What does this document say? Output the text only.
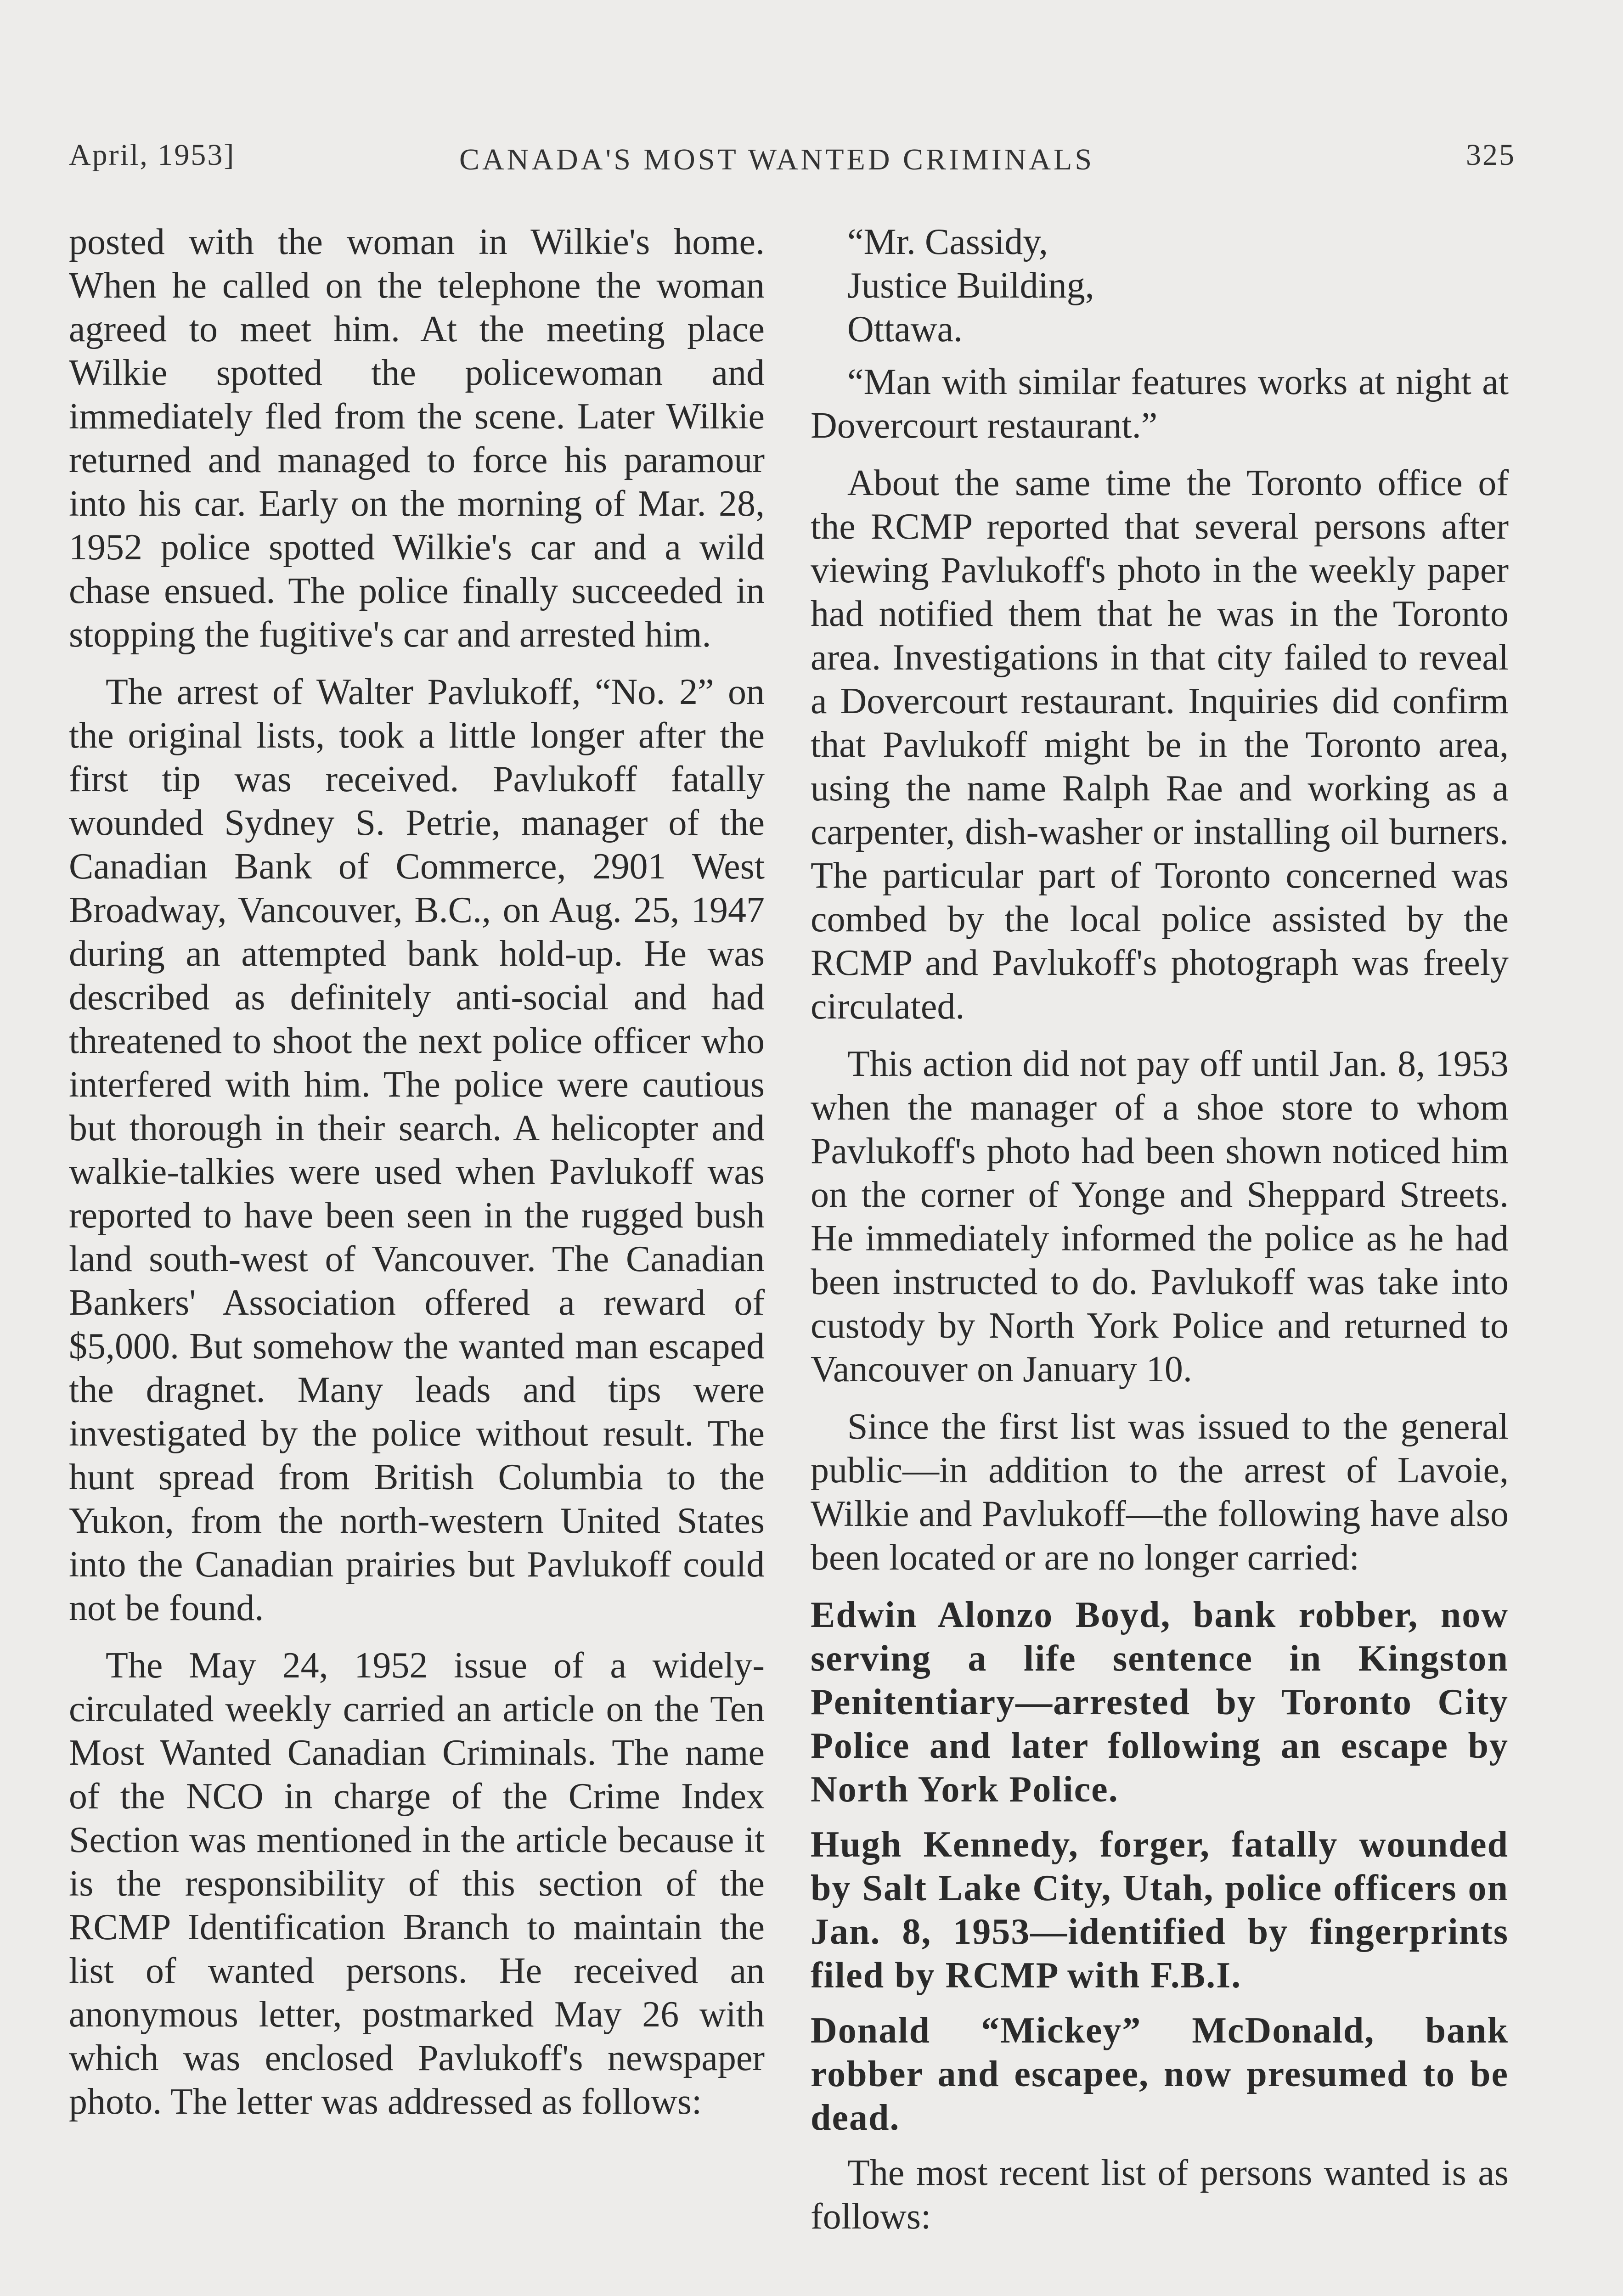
April, 1953]	CANADA'S MOST WANTED CRIMINALS	325

posted with the woman in Wilkie's home. When he called on the telephone the woman agreed to meet him. At the meeting place Wilkie spotted the policewoman and immediately fled from the scene. Later Wilkie returned and managed to force his paramour into his car. Early on the morning of Mar. 28, 1952 police spotted Wilkie's car and a wild chase ensued. The police finally succeeded in stopping the fugitive's car and arrested him.

The arrest of Walter Pavlukoff, “No. 2” on the original lists, took a little longer after the first tip was received. Pavlukoff fatally wounded Sydney S. Petrie, manager of the Canadian Bank of Commerce, 2901 West Broadway, Vancouver, B.C., on Aug. 25, 1947 during an attempted bank hold-up. He was described as definitely anti-social and had threatened to shoot the next police officer who interfered with him. The police were cautious but thorough in their search. A helicopter and walkie-talkies were used when Pavlukoff was reported to have been seen in the rugged bush land south-west of Vancouver. The Canadian Bankers' Association offered a reward of $5,000. But somehow the wanted man escaped the dragnet. Many leads and tips were investigated by the police without result. The hunt spread from British Columbia to the Yukon, from the north-western United States into the Canadian prairies but Pavlukoff could not be found.

The May 24, 1952 issue of a widely-circulated weekly carried an article on the Ten Most Wanted Canadian Criminals. The name of the NCO in charge of the Crime Index Section was mentioned in the article because it is the responsibility of this section of the RCMP Identification Branch to maintain the list of wanted persons. He received an anonymous letter, postmarked May 26 with which was enclosed Pavlukoff's newspaper photo. The letter was addressed as follows:

“Mr. Cassidy,
Justice Building,
Ottawa.

“Man with similar features works at night at Dovercourt restaurant.”

About the same time the Toronto office of the RCMP reported that several persons after viewing Pavlukoff's photo in the weekly paper had notified them that he was in the Toronto area. Investigations in that city failed to reveal a Dovercourt restaurant. Inquiries did confirm that Pavlukoff might be in the Toronto area, using the name Ralph Rae and working as a carpenter, dish-washer or installing oil burners. The particular part of Toronto concerned was combed by the local police assisted by the RCMP and Pavlukoff's photograph was freely circulated.

This action did not pay off until Jan. 8, 1953 when the manager of a shoe store to whom Pavlukoff's photo had been shown noticed him on the corner of Yonge and Sheppard Streets. He immediately informed the police as he had been instructed to do. Pavlukoff was take into custody by North York Police and returned to Vancouver on January 10.

Since the first list was issued to the general public—in addition to the arrest of Lavoie, Wilkie and Pavlukoff—the following have also been located or are no longer carried:

Edwin Alonzo Boyd, bank robber, now serving a life sentence in Kingston Penitentiary—arrested by Toronto City Police and later following an escape by North York Police.

Hugh Kennedy, forger, fatally wounded by Salt Lake City, Utah, police officers on Jan. 8, 1953—identified by fingerprints filed by RCMP with F.B.I.

Donald “Mickey” McDonald, bank robber and escapee, now presumed to be dead.

The most recent list of persons wanted is as follows:
